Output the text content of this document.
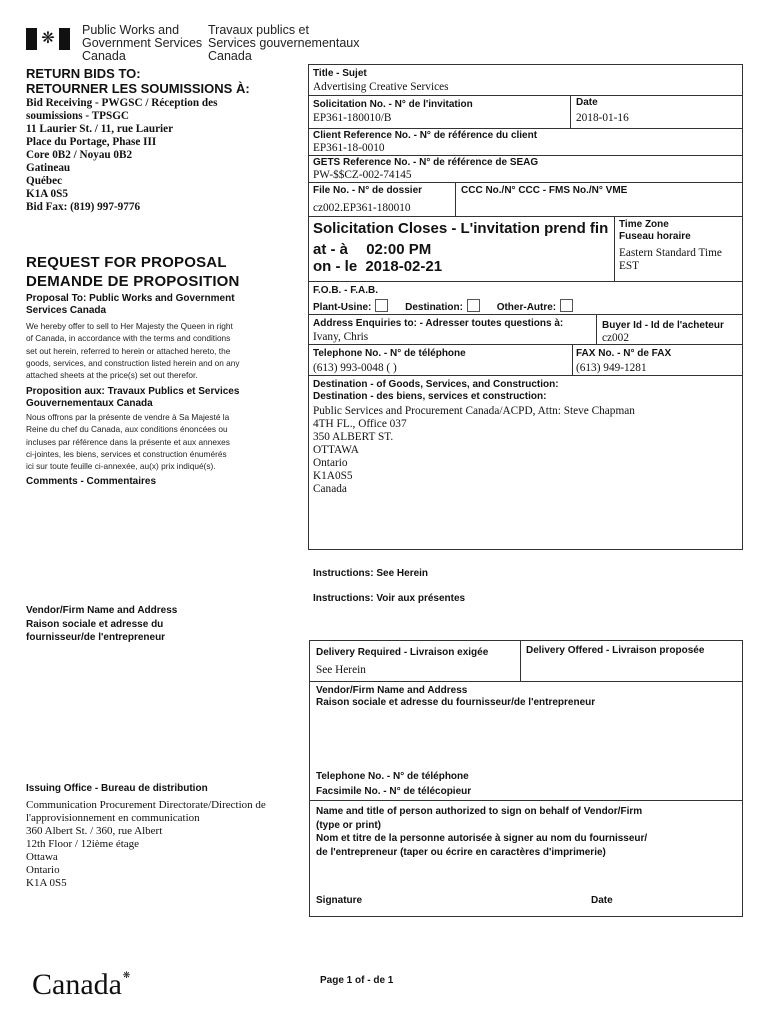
❋ Public Works and
Government Services
Canada
Travaux publics et
Services gouvernementaux
Canada
RETURN BIDS TO:
RETOURNER LES SOUMISSIONS À:
Bid Receiving - PWGSC / Réception des
soumissions - TPSGC
11 Laurier St. / 11, rue Laurier
Place du Portage, Phase III
Core 0B2 / Noyau 0B2
Gatineau
Québec
K1A 0S5
Bid Fax: (819) 997-9776
REQUEST FOR PROPOSAL
DEMANDE DE PROPOSITION
Proposal To: Public Works and Government
Services Canada
We hereby offer to sell to Her Majesty the Queen in right
of Canada, in accordance with the terms and conditions
set out herein, referred to herein or attached hereto, the
goods, services, and construction listed herein and on any
attached sheets at the price(s) set out therefor.
Proposition aux: Travaux Publics et Services
Gouvernementaux Canada
Nous offrons par la présente de vendre à Sa Majesté la
Reine du chef du Canada, aux conditions énoncées ou
incluses par référence dans la présente et aux annexes
ci-jointes, les biens, services et construction énumérés
ici sur toute feuille ci-annexée, au(x) prix indiqué(s).
Comments - Commentaires
Vendor/Firm Name and Address
Raison sociale et adresse du
fournisseur/de l'entrepreneur
Issuing Office - Bureau de distribution
Communication Procurement Directorate/Direction de
l'approvisionnement en communication
360 Albert St. / 360, rue Albert
12th Floor / 12ième étage
Ottawa
Ontario
K1A 0S5
Title - Sujet
Advertising Creative Services
Solicitation No. - N° de l'invitation
EP361-180010/B
Date
2018-01-16
Client Reference No. - N° de référence du client
EP361-18-0010
GETS Reference No. - N° de référence de SEAG
PW-$$CZ-002-74145
File No. - N° de dossier
cz002.EP361-180010
CCC No./N° CCC - FMS No./N° VME
Solicitation Closes - L'invitation prend fin
at - à 02:00 PM
on - le 2018-02-21
Time Zone
Fuseau horaire
Eastern Standard Time
EST
F.O.B. - F.A.B.
Plant-Usine:	Destination:	Other-Autre:
Address Enquiries to: - Adresser toutes questions à:
Ivany, Chris
Buyer Id - Id de l'acheteur
cz002
Telephone No. - N° de téléphone
(613) 993-0048 ( )
FAX No. - N° de FAX
(613) 949-1281
Destination - of Goods, Services, and Construction:
Destination - des biens, services et construction:
Public Services and Procurement Canada/ACPD, Attn: Steve Chapman
4TH FL., Office 037
350 ALBERT ST.
OTTAWA
Ontario
K1A0S5
Canada
Instructions: See Herein
Instructions: Voir aux présentes
Delivery Required - Livraison exigée
See Herein
Delivery Offered - Livraison proposée
Vendor/Firm Name and Address
Raison sociale et adresse du fournisseur/de l'entrepreneur
Telephone No. - N° de téléphone
Facsimile No. - N° de télécopieur
Name and title of person authorized to sign on behalf of Vendor/Firm
(type or print)
Nom et titre de la personne autorisée à signer au nom du fournisseur/
de l'entrepreneur (taper ou écrire en caractères d'imprimerie)
Signature	Date
Canada ❋	Page 1 of - de 1
